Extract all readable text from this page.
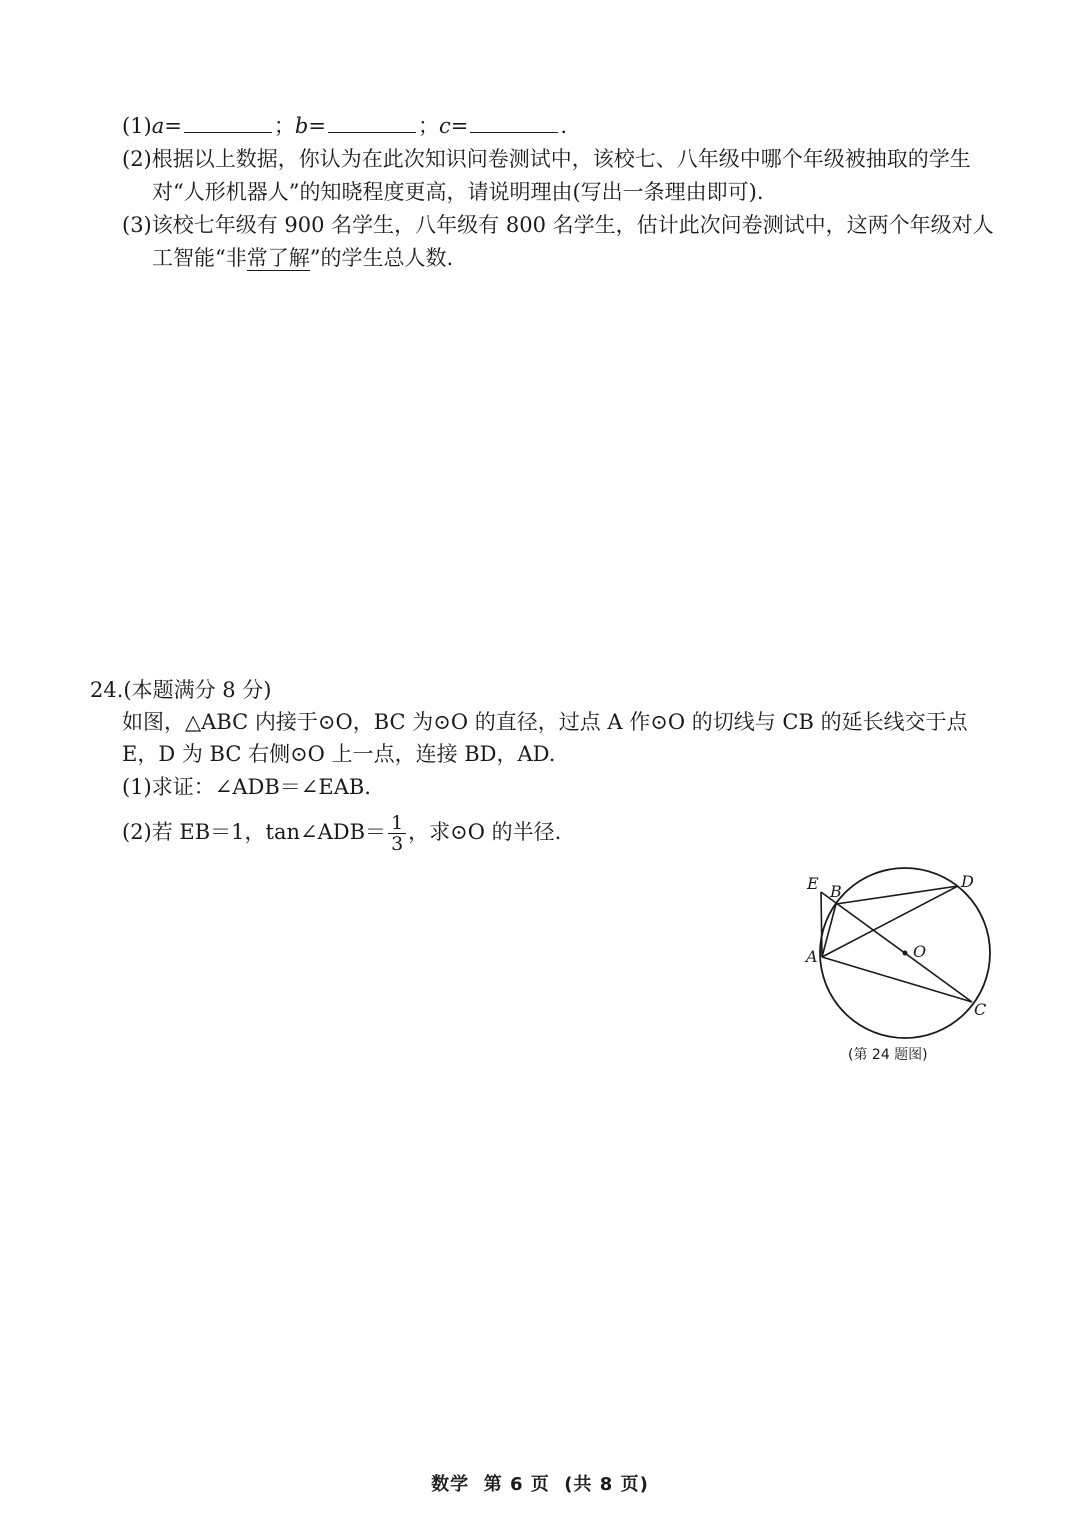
(1)a=	；b=	；c=	.
(2)根据以上数据，你认为在此次知识问卷测试中，该校七、八年级中哪个年级被抽取的学生
对“人形机器人”的知晓程度更高，请说明理由(写出一条理由即可).
(3)该校七年级有 900 名学生，八年级有 800 名学生，估计此次问卷测试中，这两个年级对人
工智能“非常了解”的学生总人数.
24.(本题满分 8 分)
如图，△ABC 内接于⊙O，BC 为⊙O 的直径，过点 A 作⊙O 的切线与 CB 的延长线交于点
E，D 为 BC 右侧⊙O 上一点，连接 BD，AD.
(1)求证：∠ADB＝∠EAB.
(2)若 EB＝1，tan∠ADB＝ $\frac{1}{3}$ ，求⊙O 的半径.
E B
D
A	O
C
(第 24 题图)
数学  第 6 页  (共 8 页)
